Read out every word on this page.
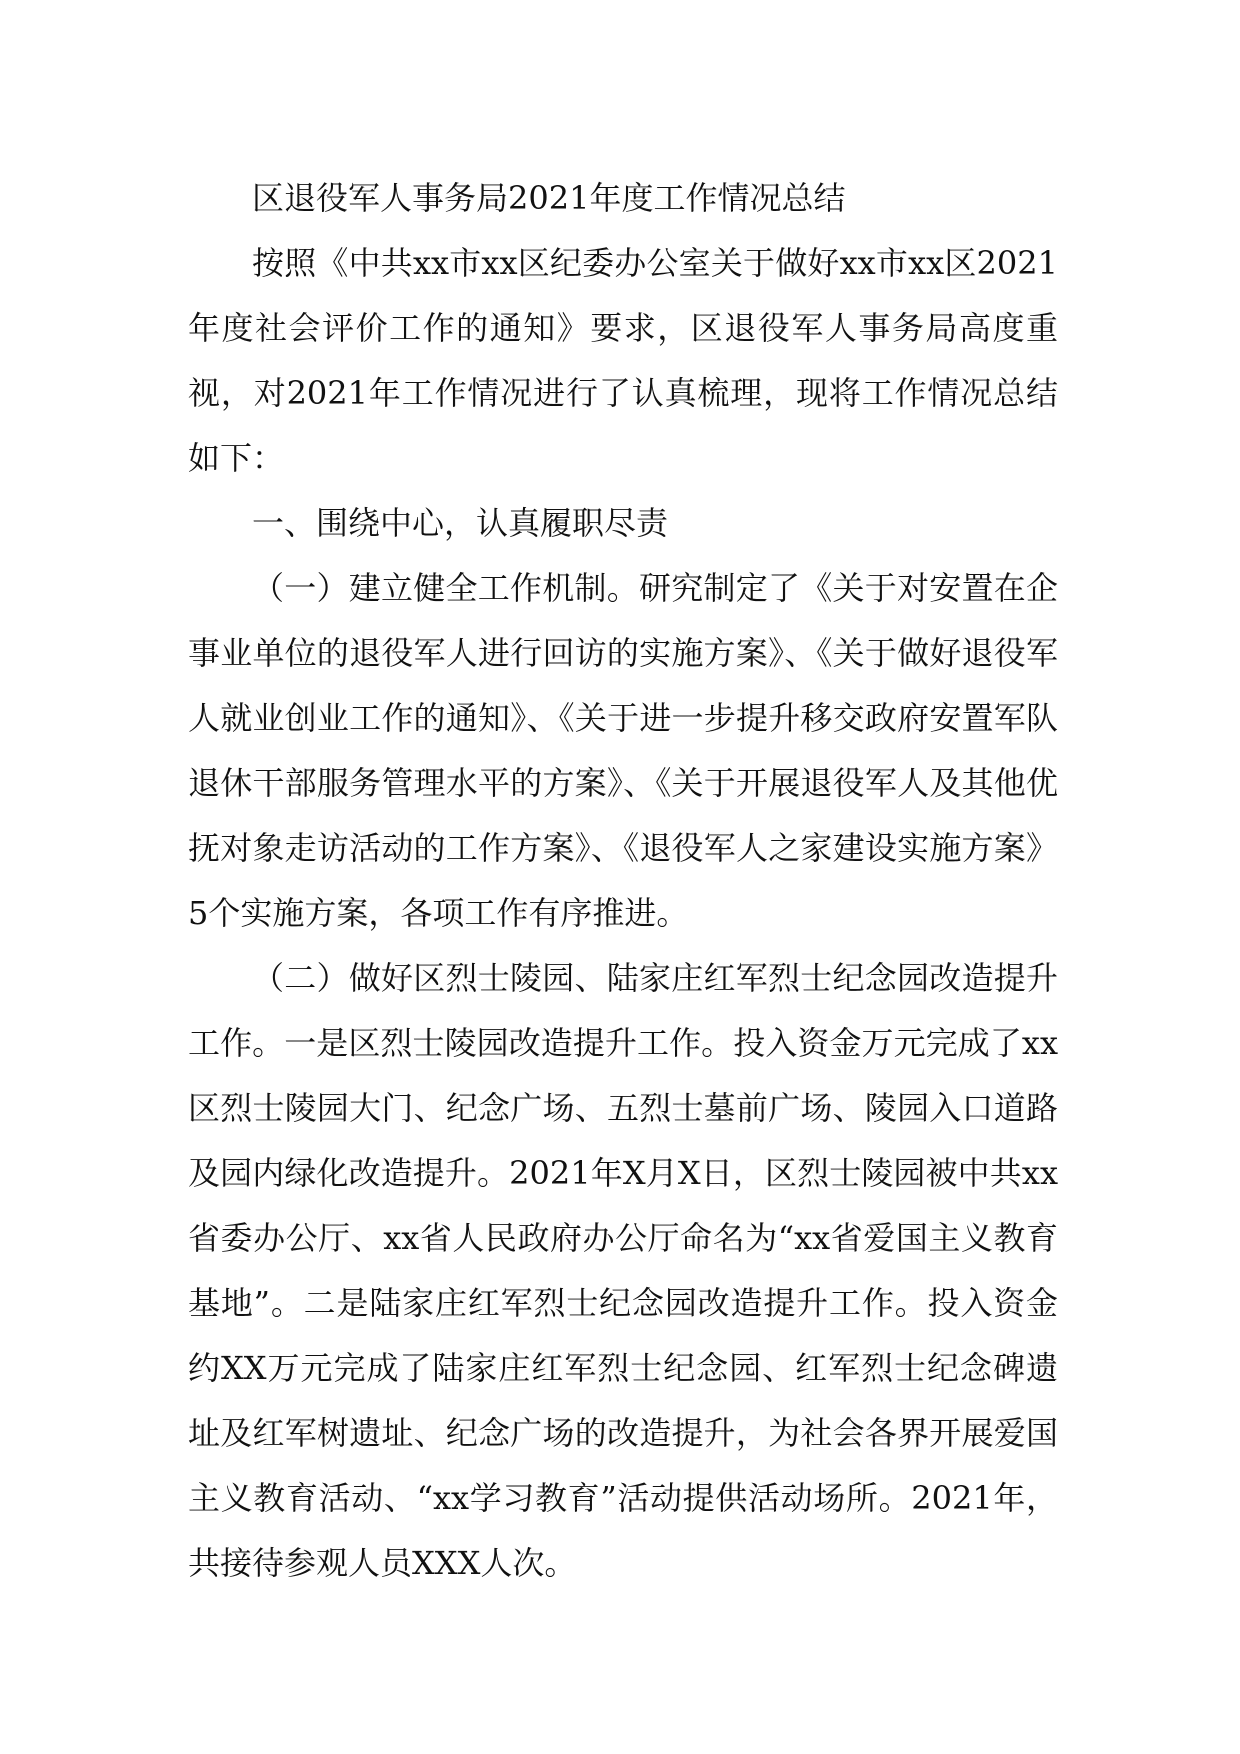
区退役军人事务局2021年度工作情况总结

按照《中共xx市xx区纪委办公室关于做好xx市xx区2021年度社会评价工作的通知》要求，区退役军人事务局高度重视，对2021年工作情况进行了认真梳理，现将工作情况总结如下：

一、围绕中心，认真履职尽责

（一）建立健全工作机制。研究制定了《关于对安置在企事业单位的退役军人进行回访的实施方案》、《关于做好退役军人就业创业工作的通知》、《关于进一步提升移交政府安置军队退休干部服务管理水平的方案》、《关于开展退役军人及其他优抚对象走访活动的工作方案》、《退役军人之家建设实施方案》5个实施方案，各项工作有序推进。

（二）做好区烈士陵园、陆家庄红军烈士纪念园改造提升工作。一是区烈士陵园改造提升工作。投入资金万元完成了xx区烈士陵园大门、纪念广场、五烈士墓前广场、陵园入口道路及园内绿化改造提升。2021年X月X日，区烈士陵园被中共xx省委办公厅、xx省人民政府办公厅命名为“xx省爱国主义教育基地”。二是陆家庄红军烈士纪念园改造提升工作。投入资金约XX万元完成了陆家庄红军烈士纪念园、红军烈士纪念碑遗址及红军树遗址、纪念广场的改造提升，为社会各界开展爱国主义教育活动、“xx学习教育”活动提供活动场所。2021年，共接待参观人员XXX人次。
